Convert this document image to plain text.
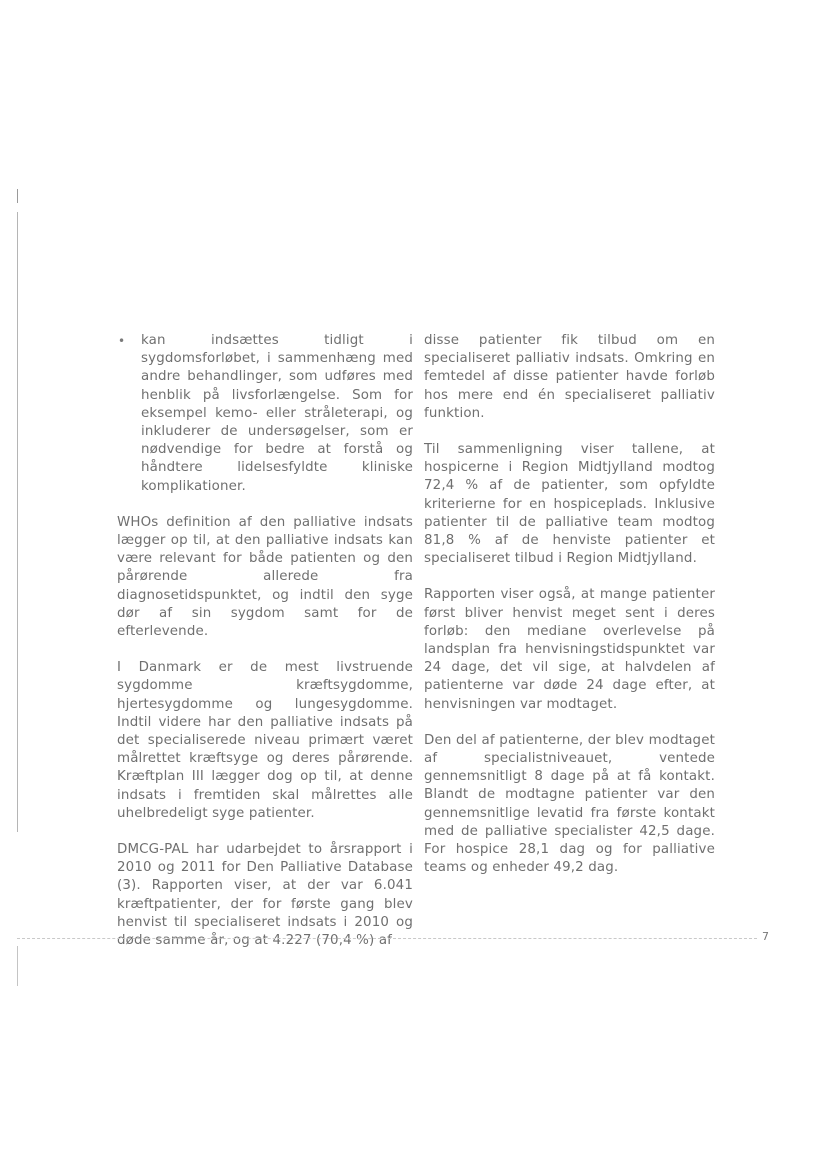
• kan indsættes tidligt i sygdomsforløbet, i sammenhæng med andre behandlinger, som udføres med henblik på livsforlængelse. Som for eksempel kemo- eller stråleterapi, og inkluderer de undersøgelser, som er nødvendige for bedre at forstå og håndtere lidelsesfyldte kliniske komplikationer.

WHOs definition af den palliative indsats lægger op til, at den palliative indsats kan være relevant for både patienten og den pårørende allerede fra diagnosetidspunktet, og indtil den syge dør af sin sygdom samt for de efterlevende.

I Danmark er de mest livstruende sygdomme kræftsygdomme, hjertesygdomme og lungesygdomme. Indtil videre har den palliative indsats på det specialiserede niveau primært været målrettet kræftsyge og deres pårørende. Kræftplan III lægger dog op til, at denne indsats i fremtiden skal målrettes alle uhelbredeligt syge patienter.

DMCG-PAL har udarbejdet to årsrapport i 2010 og 2011 for Den Palliative Database (3). Rapporten viser, at der var 6.041 kræftpatienter, der for første gang blev henvist til specialiseret indsats i 2010 og døde samme år, og at 4.227 (70,4 %) af

disse patienter fik tilbud om en specialiseret palliativ indsats. Omkring en femtedel af disse patienter havde forløb hos mere end én specialiseret palliativ funktion.

Til sammenligning viser tallene, at hospicerne i Region Midtjylland modtog 72,4 % af de patienter, som opfyldte kriterierne for en hospiceplads. Inklusive patienter til de palliative team modtog 81,8 % af de henviste patienter et specialiseret tilbud i Region Midtjylland.

Rapporten viser også, at mange patienter først bliver henvist meget sent i deres forløb: den mediane overlevelse på landsplan fra henvisningstidspunktet var 24 dage, det vil sige, at halvdelen af patienterne var døde 24 dage efter, at henvisningen var modtaget.

Den del af patienterne, der blev modtaget af specialistniveauet, ventede gennemsnitligt 8 dage på at få kontakt. Blandt de modtagne patienter var den gennemsnitlige levatid fra første kontakt med de palliative specialister 42,5 dage. For hospice 28,1 dag og for palliative teams og enheder 49,2 dag.

7
